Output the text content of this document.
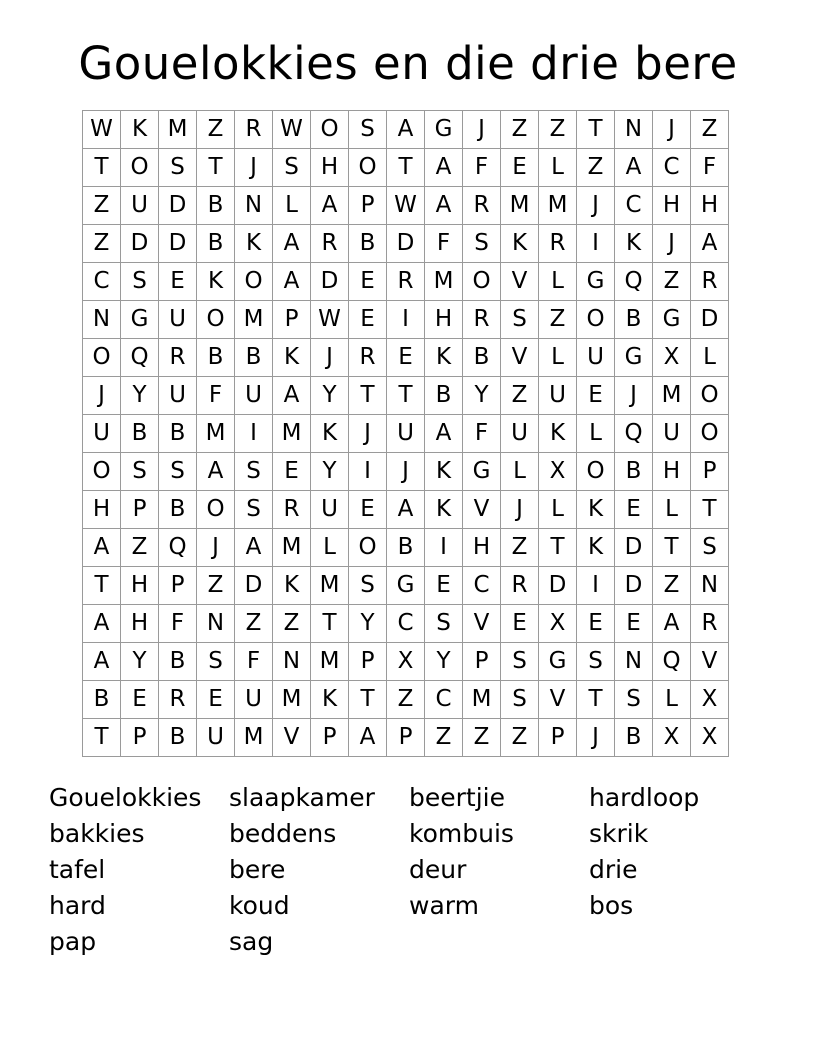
Gouelokkies en die drie bere
W	K	M	Z	R	W	O	S	A	G	J	Z	Z	T	N	J	Z
T	O	S	T	J	S	H	O	T	A	F	E	L	Z	A	C	F
Z	U	D	B	N	L	A	P	W	A	R	M	M	J	C	H	H
Z	D	D	B	K	A	R	B	D	F	S	K	R	I	K	J	A
C	S	E	K	O	A	D	E	R	M	O	V	L	G	Q	Z	R
N	G	U	O	M	P	W	E	I	H	R	S	Z	O	B	G	D
O	Q	R	B	B	K	J	R	E	K	B	V	L	U	G	X	L
J	Y	U	F	U	A	Y	T	T	B	Y	Z	U	E	J	M	O
U	B	B	M	I	M	K	J	U	A	F	U	K	L	Q	U	O
O	S	S	A	S	E	Y	I	J	K	G	L	X	O	B	H	P
H	P	B	O	S	R	U	E	A	K	V	J	L	K	E	L	T
A	Z	Q	J	A	M	L	O	B	I	H	Z	T	K	D	T	S
T	H	P	Z	D	K	M	S	G	E	C	R	D	I	D	Z	N
A	H	F	N	Z	Z	T	Y	C	S	V	E	X	E	E	A	R
A	Y	B	S	F	N	M	P	X	Y	P	S	G	S	N	Q	V
B	E	R	E	U	M	K	T	Z	C	M	S	V	T	S	L	X
T	P	B	U	M	V	P	A	P	Z	Z	Z	P	J	B	X	X
Gouelokkies
bakkies
tafel
hard
pap
slaapkamer
beddens
bere
koud
sag
beertjie
kombuis
deur
warm
hardloop
skrik
drie
bos
